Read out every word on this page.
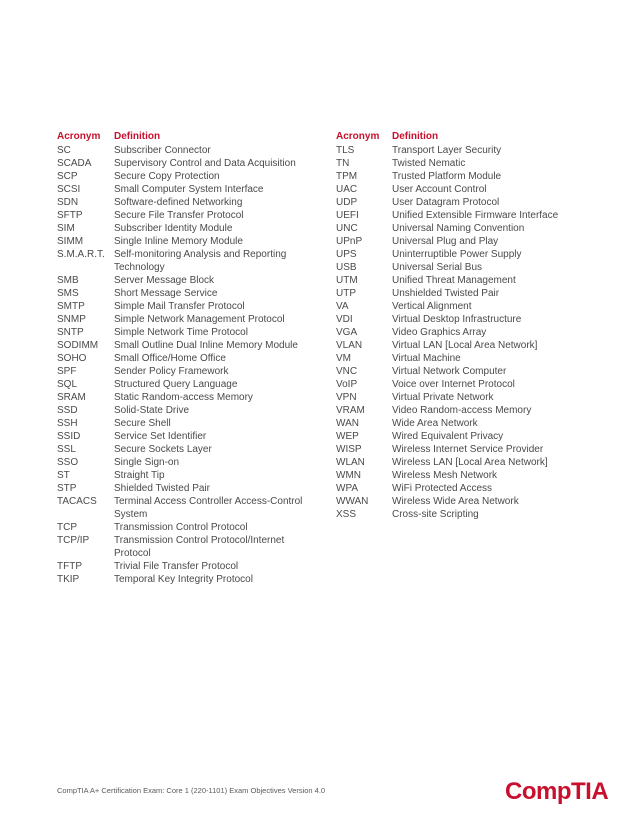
Acronym	Definition
SC	Subscriber Connector
SCADA	Supervisory Control and Data Acquisition
SCP	Secure Copy Protection
SCSI	Small Computer System Interface
SDN	Software-defined Networking
SFTP	Secure File Transfer Protocol
SIM	Subscriber Identity Module
SIMM	Single Inline Memory Module
S.M.A.R.T. Self-monitoring Analysis and Reporting Technology
SMB	Server Message Block
SMS	Short Message Service
SMTP	Simple Mail Transfer Protocol
SNMP	Simple Network Management Protocol
SNTP	Simple Network Time Protocol
SODIMM	Small Outline Dual Inline Memory Module
SOHO	Small Office/Home Office
SPF	Sender Policy Framework
SQL	Structured Query Language
SRAM	Static Random-access Memory
SSD	Solid-State Drive
SSH	Secure Shell
SSID	Service Set Identifier
SSL	Secure Sockets Layer
SSO	Single Sign-on
ST	Straight Tip
STP	Shielded Twisted Pair
TACACS	Terminal Access Controller Access-Control System
TCP	Transmission Control Protocol
TCP/IP	Transmission Control Protocol/Internet Protocol
TFTP	Trivial File Transfer Protocol
TKIP	Temporal Key Integrity Protocol
Acronym	Definition
TLS	Transport Layer Security
TN	Twisted Nematic
TPM	Trusted Platform Module
UAC	User Account Control
UDP	User Datagram Protocol
UEFI	Unified Extensible Firmware Interface
UNC	Universal Naming Convention
UPnP	Universal Plug and Play
UPS	Uninterruptible Power Supply
USB	Universal Serial Bus
UTM	Unified Threat Management
UTP	Unshielded Twisted Pair
VA	Vertical Alignment
VDI	Virtual Desktop Infrastructure
VGA	Video Graphics Array
VLAN	Virtual LAN [Local Area Network]
VM	Virtual Machine
VNC	Virtual Network Computer
VoIP	Voice over Internet Protocol
VPN	Virtual Private Network
VRAM	Video Random-access Memory
WAN	Wide Area Network
WEP	Wired Equivalent Privacy
WISP	Wireless Internet Service Provider
WLAN	Wireless LAN [Local Area Network]
WMN	Wireless Mesh Network
WPA	WiFi Protected Access
WWAN	Wireless Wide Area Network
XSS	Cross-site Scripting
CompTIA A+ Certification Exam: Core 1 (220-1101) Exam Objectives Version 4.0	CompTIA
